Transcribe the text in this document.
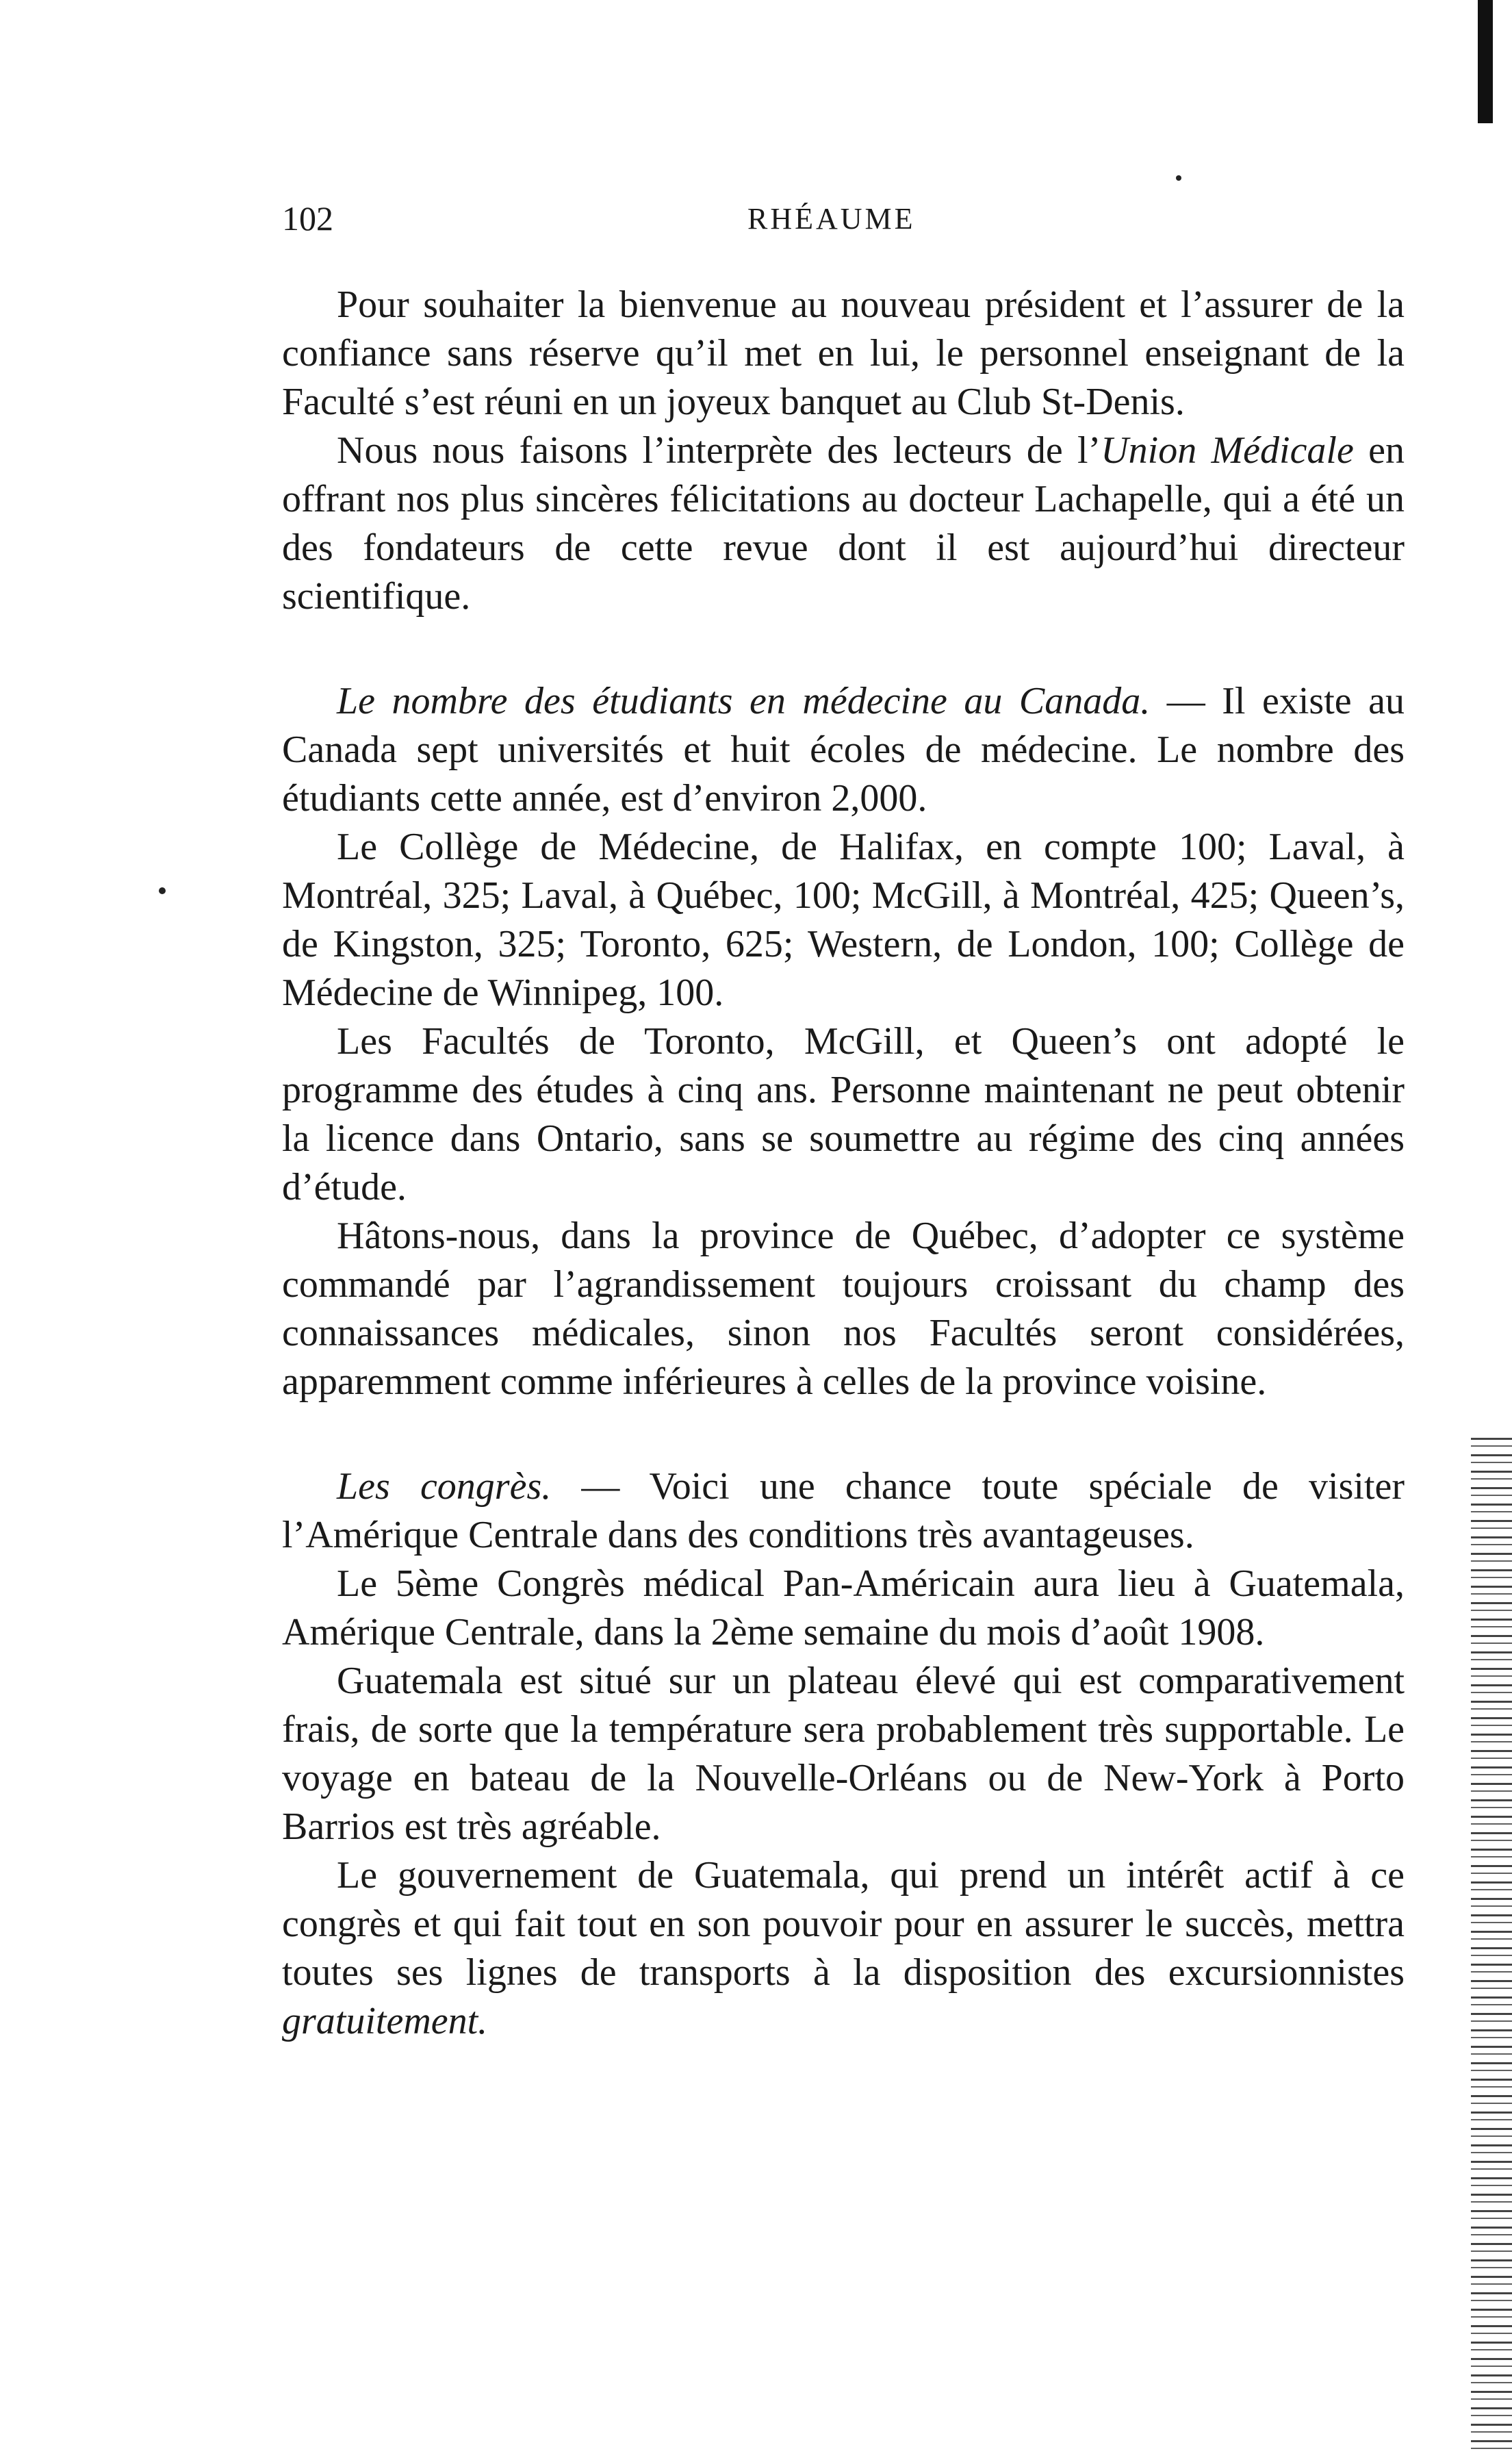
102	RHÉAUME

Pour souhaiter la bienvenue au nouveau président et l’assurer de la confiance sans réserve qu’il met en lui, le personnel enseignant de la Faculté s’est réuni en un joyeux banquet au Club St-Denis.

Nous nous faisons l’interprète des lecteurs de l’Union Médicale en offrant nos plus sincères félicitations au docteur Lachapelle, qui a été un des fondateurs de cette revue dont il est aujourd’hui directeur scientifique.

Le nombre des étudiants en médecine au Canada. — Il existe au Canada sept universités et huit écoles de médecine. Le nombre des étudiants cette année, est d’environ 2,000.

Le Collège de Médecine, de Halifax, en compte 100; Laval, à Montréal, 325; Laval, à Québec, 100; McGill, à Montréal, 425; Queen’s, de Kingston, 325; Toronto, 625; Western, de London, 100; Collège de Médecine de Winnipeg, 100.

Les Facultés de Toronto, McGill, et Queen’s ont adopté le programme des études à cinq ans. Personne maintenant ne peut obtenir la licence dans Ontario, sans se soumettre au régime des cinq années d’étude.

Hâtons-nous, dans la province de Québec, d’adopter ce système commandé par l’agrandissement toujours croissant du champ des connaissances médicales, sinon nos Facultés seront considérées, apparemment comme inférieures à celles de la province voisine.

Les congrès. — Voici une chance toute spéciale de visiter l’Amérique Centrale dans des conditions très avantageuses.

Le 5ème Congrès médical Pan-Américain aura lieu à Guatemala, Amérique Centrale, dans la 2ème semaine du mois d’août 1908.

Guatemala est situé sur un plateau élevé qui est comparativement frais, de sorte que la température sera probablement très supportable. Le voyage en bateau de la Nouvelle-Orléans ou de New-York à Porto Barrios est très agréable.

Le gouvernement de Guatemala, qui prend un intérêt actif à ce congrès et qui fait tout en son pouvoir pour en assurer le succès, mettra toutes ses lignes de transports à la disposition des excursionnistes gratuitement.
